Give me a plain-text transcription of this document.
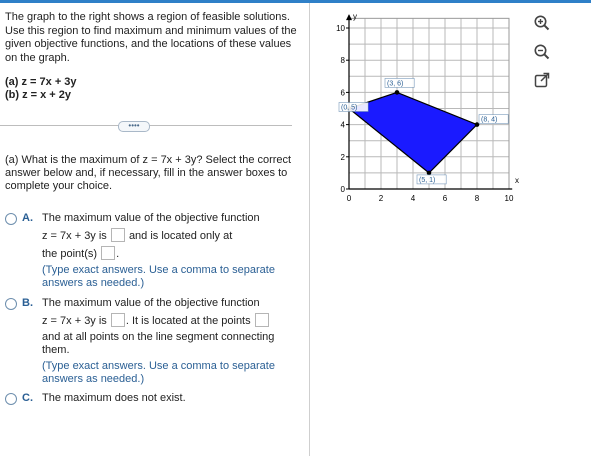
The graph to the right shows a region of feasible solutions. Use this region to find maximum and minimum values of the given objective functions, and the locations of these values on the graph.
(a) z = 7x + 3y
(b) z = x + 2y
••••
(a) What is the maximum of z = 7x + 3y? Select the correct answer below and, if necessary, fill in the answer boxes to complete your choice.
A. The maximum value of the objective function
z = 7x + 3y is and is located only at
the point(s) .
(Type exact answers. Use a comma to separate answers as needed.)
B. The maximum value of the objective function
z = 7x + 3y is . It is located at the points
and at all points on the line segment connecting them.
(Type exact answers. Use a comma to separate answers as needed.)
C. The maximum does not exist.
y
x
10
8
6
4
2
0
0	2	4	6	8	10
(3, 6)
(8, 4)
(5, 1)
(0, 5)
